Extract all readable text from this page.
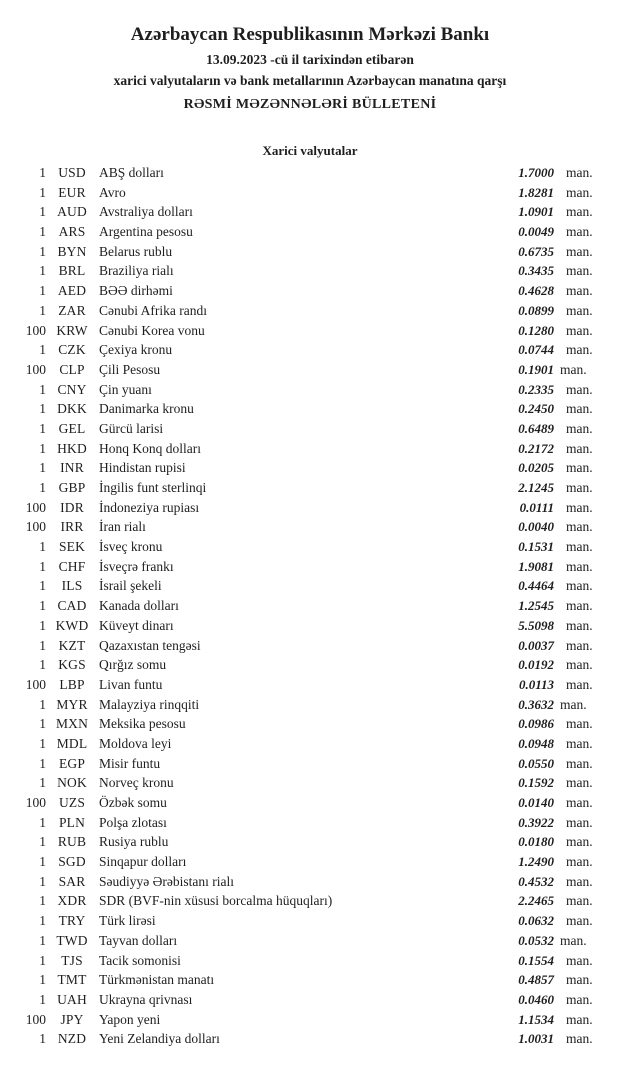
Azərbaycan Respublikasının Mərkəzi Bankı
13.09.2023 -cü il tarixindən etibarən
xarici valyutaların və bank metallarının Azərbaycan manatına qarşı
RƏSMİ MƏZƏNNƏLƏRİ BÜLLETENİ
Xarici valyutalar
1 USD ABŞ dolları	1.7000 man.
1 EUR Avro	1.8281 man.
1 AUD Avstraliya dolları	1.0901 man.
1 ARS	Argentina pesosu	0.0049 man.
1 BYN Belarus rublu	0.6735 man.
1 BRL	Braziliya rialı	0.3435 man.
1 AED BƏƏ dirhəmi	0.4628 man.
1 ZAR Cənubi Afrika randı	0.0899 man.
100 KRW Cənubi Korea vonu	0.1280 man.
1 CZK Çexiya kronu	0.0744 man.
100 CLP	Çili Pesosu	0.1901 man.
1 CNY Çin yuanı	0.2335 man.
1 DKK Danimarka kronu	0.2450 man.
1 GEL	Gürcü larisi	0.6489 man.
1 HKD Honq Konq dolları	0.2172 man.
1	INR	Hindistan rupisi	0.0205 man.
1 GBP	İngilis funt sterlinqi	2.1245 man.
100	IDR	İndoneziya rupiası	0.0111 man.
100	IRR	İran rialı	0.0040 man.
1 SEK	İsveç kronu	0.1531 man.
1 CHF	İsveçrə frankı	1.9081 man.
1	ILS	İsrail şekeli	0.4464 man.
1 CAD Kanada dolları	1.2545 man.
1 KWD Küveyt dinarı	5.5098 man.
1 KZT	Qazaxıstan tengəsi	0.0037 man.
1 KGS Qırğız somu	0.0192 man.
100 LBP	Livan funtu	0.0113 man.
1 MYR Malayziya rinqqiti	0.3632 man.
1 MXN Meksika pesosu	0.0986 man.
1 MDL Moldova leyi	0.0948 man.
1 EGP	Misir funtu	0.0550 man.
1 NOK Norveç kronu	0.1592 man.
100 UZS	Özbək somu	0.0140 man.
1 PLN	Polşa zlotası	0.3922 man.
1 RUB Rusiya rublu	0.0180 man.
1 SGD Sinqapur dolları	1.2490 man.
1 SAR	Səudiyyə Ərəbistanı rialı	0.4532 man.
1 XDR SDR (BVF-nin xüsusi borcalma hüquqları)	2.2465 man.
1 TRY	Türk lirəsi	0.0632 man.
1 TWD Tayvan dolları	0.0532 man.
1	TJS	Tacik somonisi	0.1554 man.
1 TMT Türkmənistan manatı	0.4857 man.
1 UAH Ukrayna qrivnası	0.0460 man.
100	JPY	Yapon yeni	1.1534 man.
1 NZD Yeni Zelandiya dolları	1.0031 man.
